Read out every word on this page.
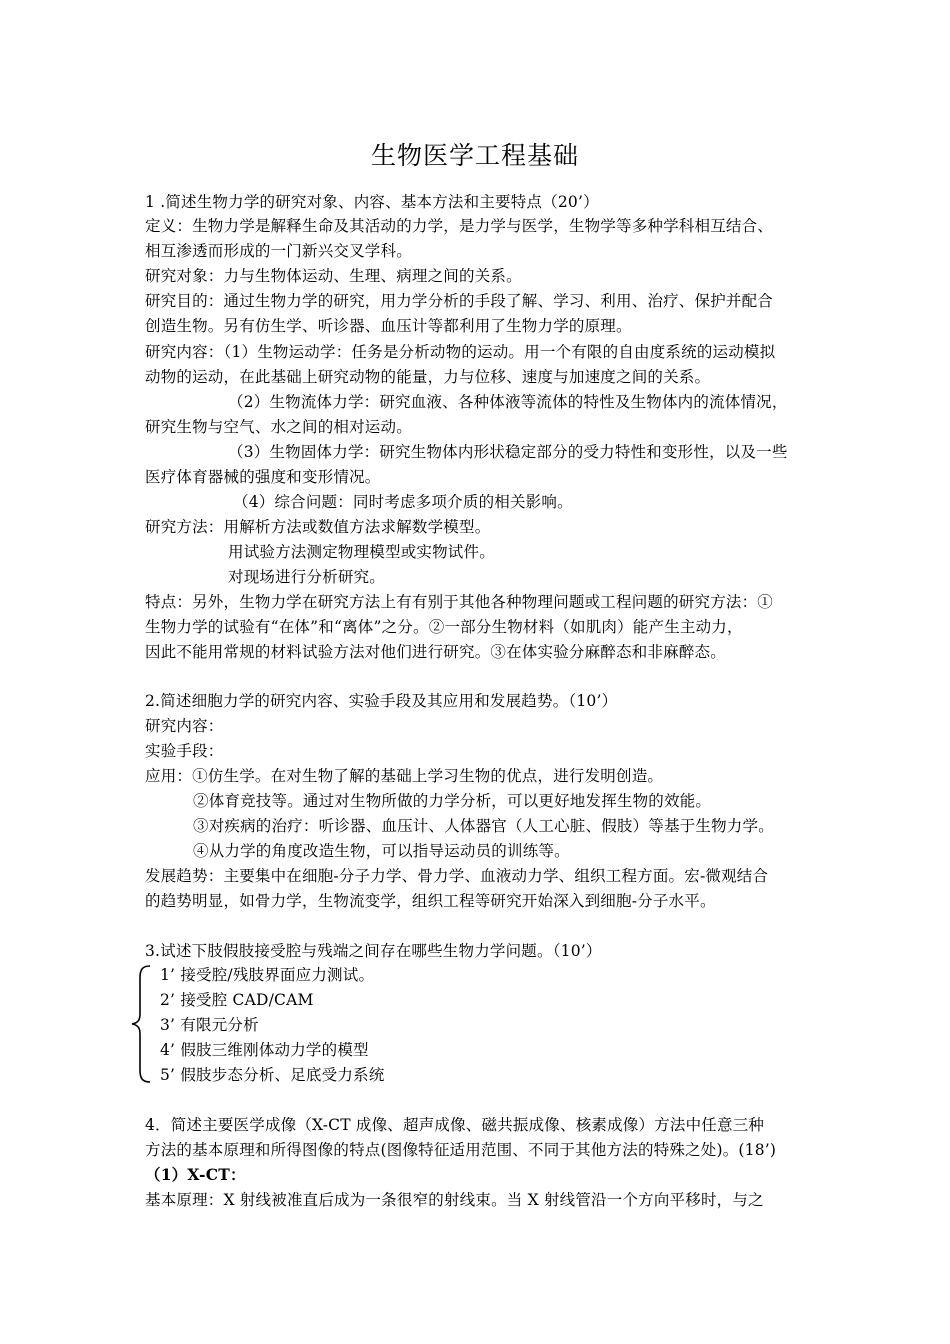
生物医学工程基础
1 .简述生物力学的研究对象、内容、基本方法和主要特点（20’）
定义：生物力学是解释生命及其活动的力学，是力学与医学，生物学等多种学科相互结合、
相互渗透而形成的一门新兴交叉学科。
研究对象：力与生物体运动、生理、病理之间的关系。
研究目的：通过生物力学的研究，用力学分析的手段了解、学习、利用、治疗、保护并配合
创造生物。另有仿生学、听诊器、血压计等都利用了生物力学的原理。
研究内容：（1）生物运动学：任务是分析动物的运动。用一个有限的自由度系统的运动模拟
动物的运动，在此基础上研究动物的能量，力与位移、速度与加速度之间的关系。
（2）生物流体力学：研究血液、各种体液等流体的特性及生物体内的流体情况，
研究生物与空气、水之间的相对运动。
（3）生物固体力学：研究生物体内形状稳定部分的受力特性和变形性，以及一些
医疗体育器械的强度和变形情况。
（4）综合问题：同时考虑多项介质的相关影响。
研究方法：用解析方法或数值方法求解数学模型。
用试验方法测定物理模型或实物试件。
对现场进行分析研究。
特点：另外，生物力学在研究方法上有有别于其他各种物理问题或工程问题的研究方法：①
生物力学的试验有“在体”和“离体”之分。②一部分生物材料（如肌肉）能产生主动力，
因此不能用常规的材料试验方法对他们进行研究。③在体实验分麻醉态和非麻醉态。
2.简述细胞力学的研究内容、实验手段及其应用和发展趋势。（10’）
研究内容：
实验手段：
应用：①仿生学。在对生物了解的基础上学习生物的优点，进行发明创造。
②体育竞技等。通过对生物所做的力学分析，可以更好地发挥生物的效能。
③对疾病的治疗：听诊器、血压计、人体器官（人工心脏、假肢）等基于生物力学。
④从力学的角度改造生物，可以指导运动员的训练等。
发展趋势：主要集中在细胞-分子力学、骨力学、血液动力学、组织工程方面。宏-微观结合
的趋势明显，如骨力学，生物流变学，组织工程等研究开始深入到细胞-分子水平。
3.试述下肢假肢接受腔与残端之间存在哪些生物力学问题。（10’）
1’ 接受腔/残肢界面应力测试。
2’ 接受腔 CAD/CAM
3’ 有限元分析
4’ 假肢三维刚体动力学的模型
5’ 假肢步态分析、足底受力系统
4．简述主要医学成像（X-CT 成像、超声成像、磁共振成像、核素成像）方法中任意三种
方法的基本原理和所得图像的特点(图像特征适用范围、不同于其他方法的特殊之处)。(18’)
（1）X-CT：
基本原理：X 射线被准直后成为一条很窄的射线束。当 X 射线管沿一个方向平移时，与之
